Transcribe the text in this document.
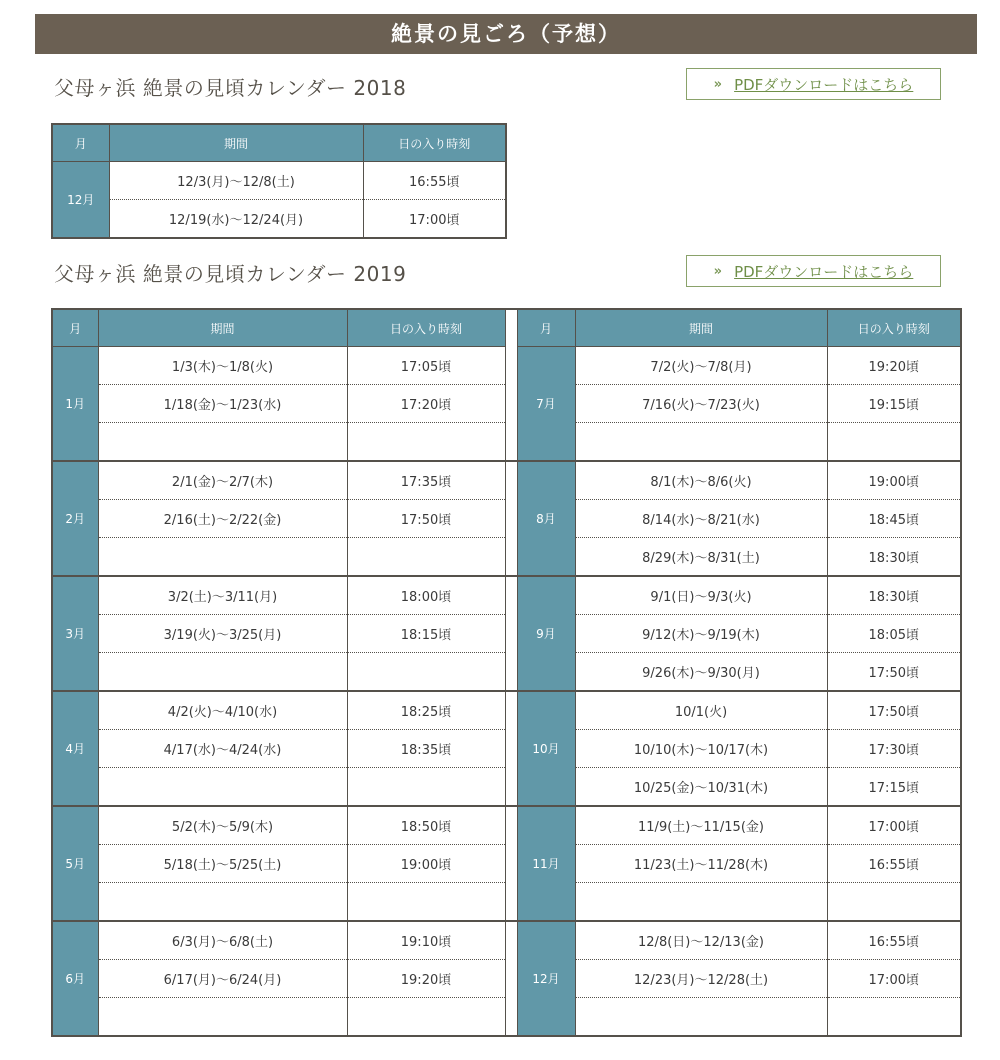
絶景の見ごろ（予想）
父母ヶ浜 絶景の見頃カレンダー 2018	» PDFダウンロードはこちら
月	期間	日の入り時刻
12月	12/3(月)〜12/8(土)	16:55頃
	12/19(水)〜12/24(月)	17:00頃
父母ヶ浜 絶景の見頃カレンダー 2019	» PDFダウンロードはこちら
月	期間	日の入り時刻		月	期間	日の入り時刻
1月	1/3(木)〜1/8(火)	17:05頃		7月	7/2(火)〜7/8(月)	19:20頃
	1/18(金)〜1/23(水)	17:20頃			7/16(火)〜7/23(火)	19:15頃

2月	2/1(金)〜2/7(木)	17:35頃		8月	8/1(木)〜8/6(火)	19:00頃
	2/16(土)〜2/22(金)	17:50頃			8/14(水)〜8/21(水)	18:45頃
					8/29(木)〜8/31(土)	18:30頃
3月	3/2(土)〜3/11(月)	18:00頃		9月	9/1(日)〜9/3(火)	18:30頃
	3/19(火)〜3/25(月)	18:15頃			9/12(木)〜9/19(木)	18:05頃
					9/26(木)〜9/30(月)	17:50頃
4月	4/2(火)〜4/10(水)	18:25頃		10月	10/1(火)	17:50頃
	4/17(水)〜4/24(水)	18:35頃			10/10(木)〜10/17(木)	17:30頃
					10/25(金)〜10/31(木)	17:15頃
5月	5/2(木)〜5/9(木)	18:50頃		11月	11/9(土)〜11/15(金)	17:00頃
	5/18(土)〜5/25(土)	19:00頃			11/23(土)〜11/28(木)	16:55頃

6月	6/3(月)〜6/8(土)	19:10頃		12月	12/8(日)〜12/13(金)	16:55頃
	6/17(月)〜6/24(月)	19:20頃			12/23(月)〜12/28(土)	17:00頃
